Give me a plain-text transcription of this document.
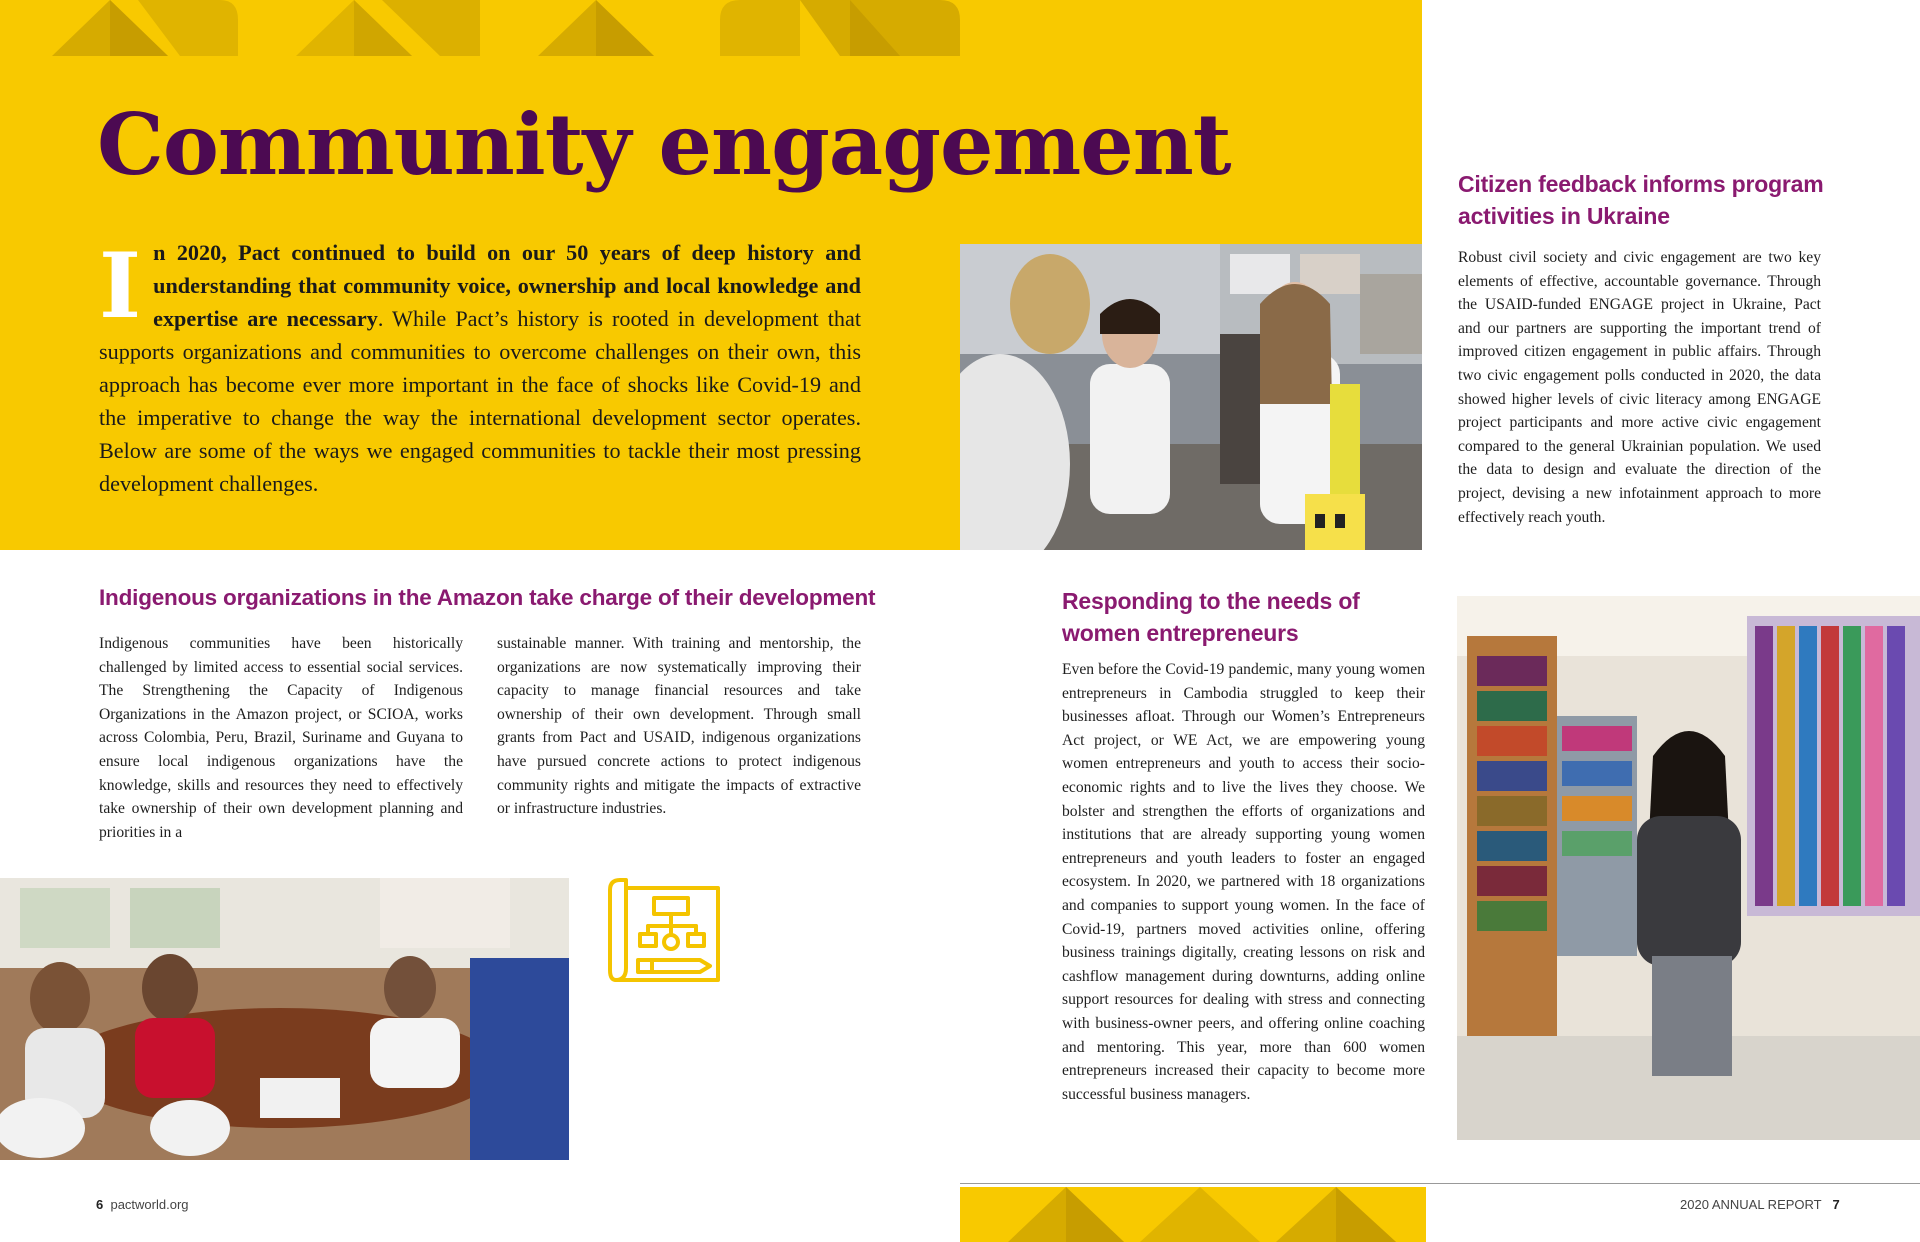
Community engagement

In 2020, Pact continued to build on our 50 years of deep history and understanding that community voice, ownership and local knowledge and expertise are necessary. While Pact’s history is rooted in development that supports organizations and communities to overcome challenges on their own, this approach has become ever more important in the face of shocks like Covid-19 and the imperative to change the way the international development sector operates. Below are some of the ways we engaged communities to tackle their most pressing development challenges.

Citizen feedback informs program activities in Ukraine

Robust civil society and civic engagement are two key elements of effective, accountable governance. Through the USAID-funded ENGAGE project in Ukraine, Pact and our partners are supporting the important trend of improved citizen engagement in public affairs. Through two civic engagement polls conducted in 2020, the data showed higher levels of civic literacy among ENGAGE project participants and more active civic engagement compared to the general Ukrainian population. We used the data to design and evaluate the direction of the project, devising a new infotainment approach to more effectively reach youth.

Indigenous organizations in the Amazon take charge of their development

Indigenous communities have been historically challenged by limited access to essential social services. The Strengthening the Capacity of Indigenous Organizations in the Amazon project, or SCIOA, works across Colombia, Peru, Brazil, Suriname and Guyana to ensure local indigenous organizations have the knowledge, skills and resources they need to effectively take ownership of their own development planning and priorities in a

sustainable manner. With training and mentorship, the organizations are now systematically improving their capacity to manage financial resources and take ownership of their own development. Through small grants from Pact and USAID, indigenous organizations have pursued concrete actions to protect indigenous community rights and mitigate the impacts of extractive or infrastructure industries.

Responding to the needs of women entrepreneurs

Even before the Covid-19 pandemic, many young women entrepreneurs in Cambodia struggled to keep their businesses afloat. Through our Women’s Entrepreneurs Act project, or WE Act, we are empowering young women entrepreneurs and youth to access their socio-economic rights and to live the lives they choose. We bolster and strengthen the efforts of organizations and institutions that are already supporting young women entrepreneurs and youth leaders to foster an engaged ecosystem. In 2020, we partnered with 18 organizations and companies to support young women. In the face of Covid-19, partners moved activities online, offering business trainings digitally, creating lessons on risk and cashflow management during downturns, adding online support resources for dealing with stress and connecting with business-owner peers, and offering online coaching and mentoring. This year, more than 600 women entrepreneurs increased their capacity to become more successful business managers.

6 pactworld.org	2020 ANNUAL REPORT 7
